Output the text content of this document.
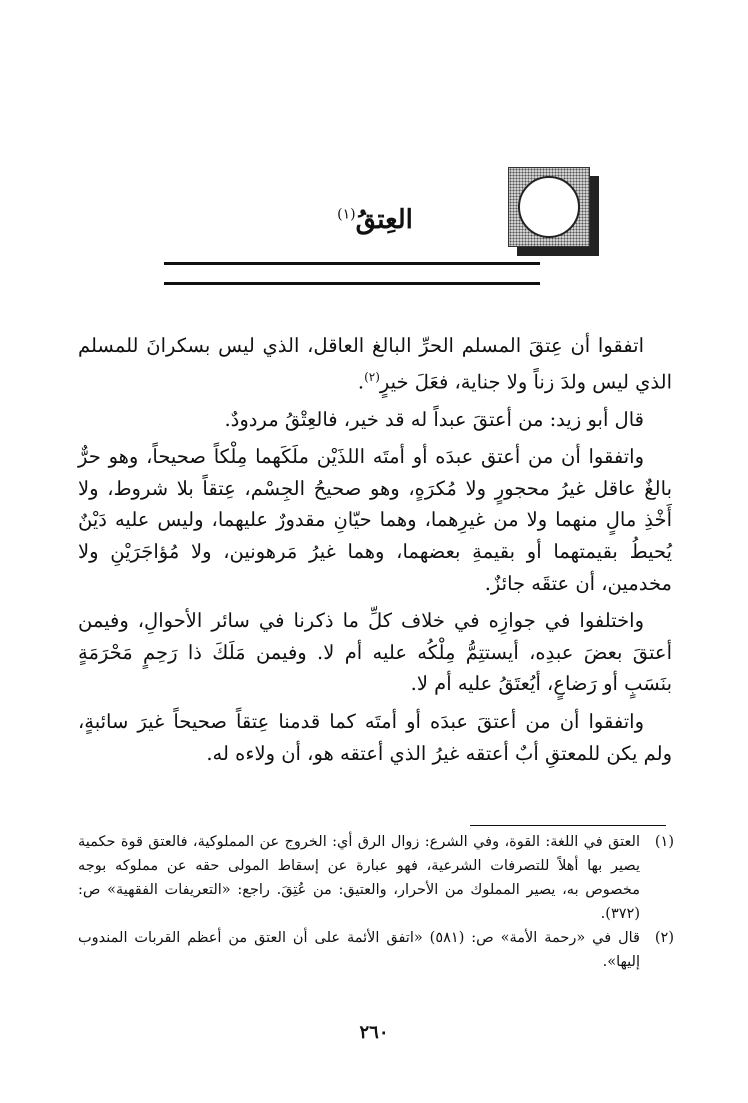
العِتقُ$^{(١)}$

اتفقوا أن عِتقَ المسلم الحرِّ البالغ العاقل، الذي ليس بسكرانَ للمسلم الذي ليس ولدَ زناً ولا جناية، فعَلَ خيرٍ$^{(٢)}$.

قال أبو زيد: من أعتقَ عبداً له قد خير، فالعِتْقُ مردودٌ.

واتفقوا أن من أعتق عبدَه أو أمتَه اللذَيْن ملَكَهما مِلْكاً صحيحاً، وهو حرٌّ بالغٌ عاقل غيرُ محجورٍ ولا مُكرَهٍ، وهو صحيحُ الجِسْم، عِتقاً بلا شروط، ولا أَخْذِ مالٍ منهما ولا من غيرِهما، وهما حيّانِ مقدورٌ عليهما، وليس عليه دَيْنٌ يُحيطُ بقيمتهما أو بقيمةِ بعضهما، وهما غيرُ مَرهونين، ولا مُؤاجَرَيْنِ ولا مخدمين، أن عتقَه جائزٌ.

واختلفوا في جوازِه في خلاف كلِّ ما ذكرنا في سائر الأحوالِ، وفيمن أعتقَ بعضَ عبدِه، أيستتِمُّ مِلْكُه عليه أم لا. وفيمن مَلَكَ ذا رَحِمٍ مَحْرَمَةٍ بنَسَبٍ أو رَضاعٍ، أيُعتَقُ عليه أم لا.

واتفقوا أن من أعتقَ عبدَه أو أمتَه كما قدمنا عِتقاً صحيحاً غيرَ سائبةٍ، ولم يكن للمعتقِ أبٌ أعتقه غيرُ الذي أعتقه هو، أن ولاءه له.

(١)
العتق في اللغة: القوة، وفي الشرع: زوال الرق أي: الخروج عن المملوكية، فالعتق قوة حكمية يصير بها أهلاً للتصرفات الشرعية، فهو عبارة عن إسقاط المولى حقه عن مملوكه بوجه مخصوص به، يصير المملوك من الأحرار، والعتيق: من عُتِقَ. راجع: «التعريفات الفقهية» ص: (٣٧٢).
(٢)
قال في «رحمة الأمة» ص: (٥٨١) «اتفق الأئمة على أن العتق من أعظم القربات المندوب إليها».
٢٦٠
